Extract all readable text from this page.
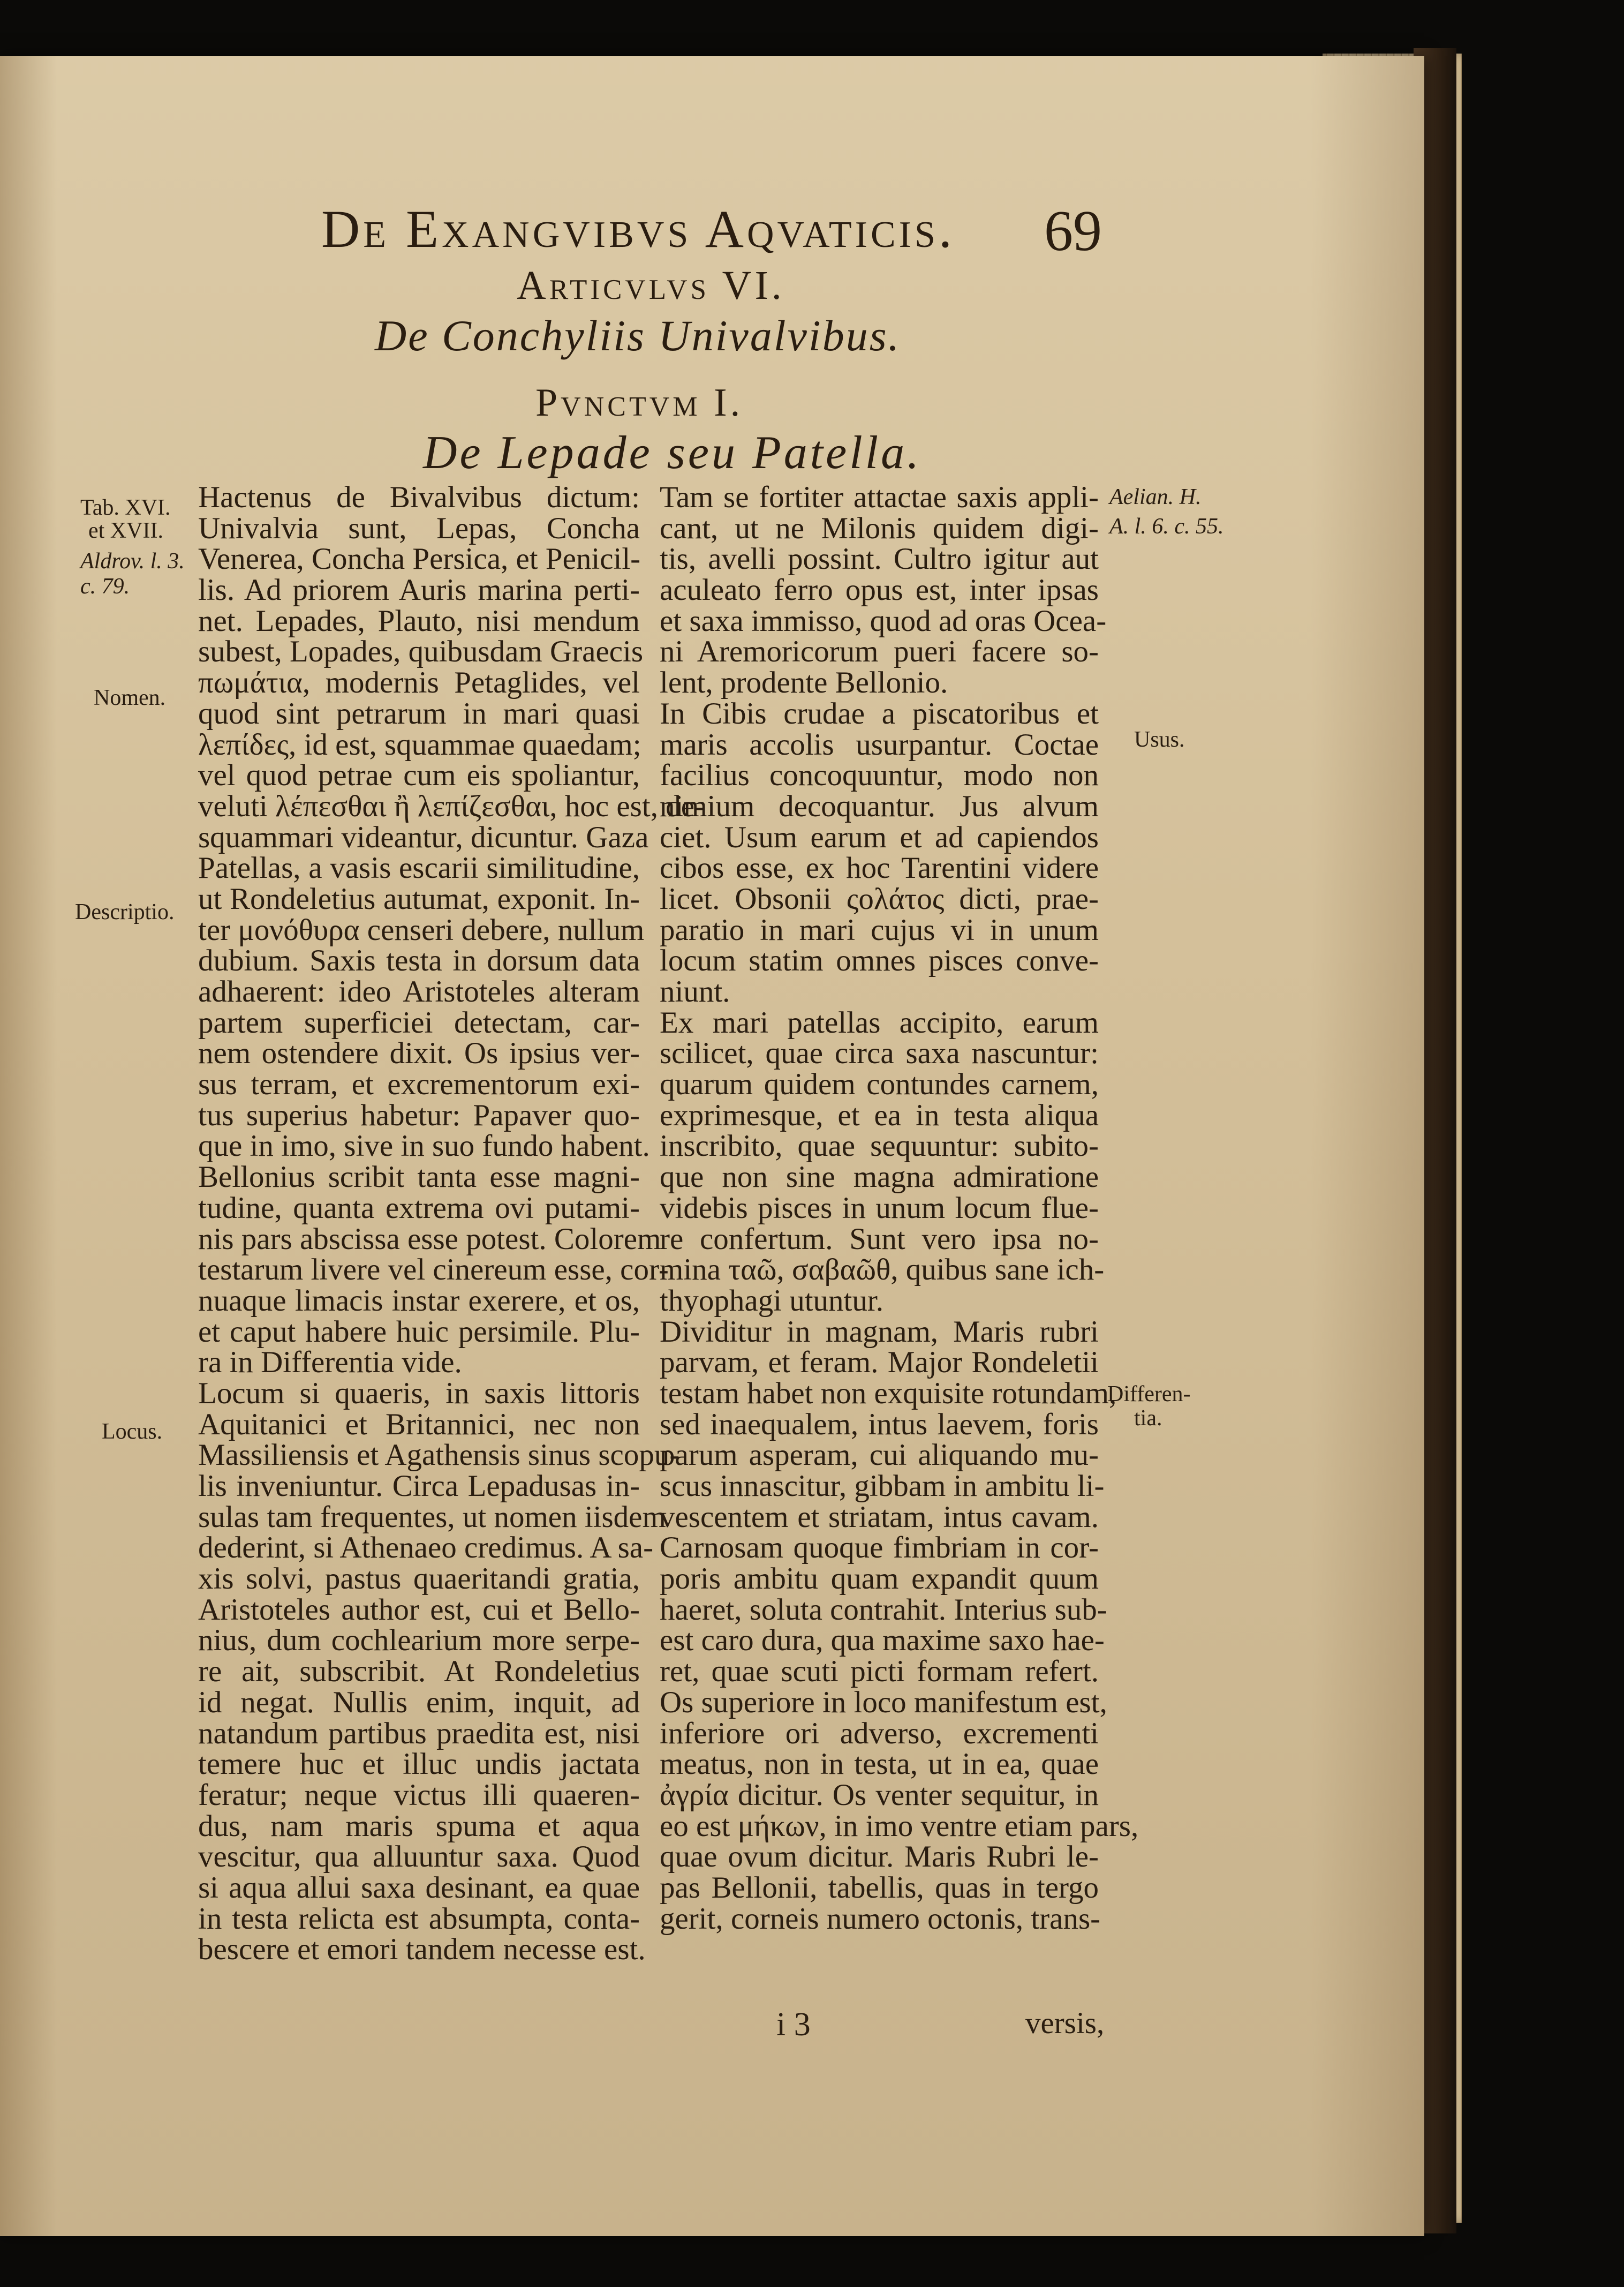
De Exangvibvs Aqvaticis. 69
Articvlvs VI.
De Conchyliis Univalvibus.
Pvnctvm I.
De Lepade seu Patella.
Tab. XVI.
et XVII.
Aldrov. l. 3.
c. 79.
Nomen.
Descriptio.
Locus.
Aelian. H.
A. l. 6. c. 55.
Usus.
Differen-
tia.
Hactenus de Bivalvibus dictum:
Univalvia sunt, Lepas, Concha
Venerea, Concha Persica, et Penicil-
lis. Ad priorem Auris marina perti-
net. Lepades, Plauto, nisi mendum
subest, Lopades, quibusdam Graecis
πωμάτια, modernis Petaglides, vel
quod sint petrarum in mari quasi
λεπίδες, id est, squammae quaedam;
vel quod petrae cum eis spoliantur,
veluti λέπεσθαι ἢ λεπίζεσθαι, hoc est, de-
squammari videantur, dicuntur. Gaza
Patellas, a vasis escarii similitudine,
ut Rondeletius autumat, exponit. In-
ter μονόθυρα censeri debere, nullum
dubium. Saxis testa in dorsum data
adhaerent: ideo Aristoteles alteram
partem superficiei detectam, car-
nem ostendere dixit. Os ipsius ver-
sus terram, et excrementorum exi-
tus superius habetur: Papaver quo-
que in imo, sive in suo fundo habent.
Bellonius scribit tanta esse magni-
tudine, quanta extrema ovi putami-
nis pars abscissa esse potest. Colorem
testarum livere vel cinereum esse, cor-
nuaque limacis instar exerere, et os,
et caput habere huic persimile. Plu-
ra in Differentia vide.
Locum si quaeris, in saxis littoris
Aquitanici et Britannici, nec non
Massiliensis et Agathensis sinus scopu-
lis inveniuntur. Circa Lepadusas in-
sulas tam frequentes, ut nomen iisdem
dederint, si Athenaeo credimus. A sa-
xis solvi, pastus quaeritandi gratia,
Aristoteles author est, cui et Bello-
nius, dum cochlearium more serpe-
re ait, subscribit. At Rondeletius
id negat. Nullis enim, inquit, ad
natandum partibus praedita est, nisi
temere huc et illuc undis jactata
feratur; neque victus illi quaeren-
dus, nam maris spuma et aqua
vescitur, qua alluuntur saxa. Quod
si aqua allui saxa desinant, ea quae
in testa relicta est absumpta, conta-
bescere et emori tandem necesse est.
Tam se fortiter attactae saxis appli-
cant, ut ne Milonis quidem digi-
tis, avelli possint. Cultro igitur aut
aculeato ferro opus est, inter ipsas
et saxa immisso, quod ad oras Ocea-
ni Aremoricorum pueri facere so-
lent, prodente Bellonio.
In Cibis crudae a piscatoribus et
maris accolis usurpantur. Coctae
facilius concoquuntur, modo non
nimium decoquantur. Jus alvum
ciet. Usum earum et ad capiendos
cibos esse, ex hoc Tarentini videre
licet. Obsonii ςολάτος dicti, prae-
paratio in mari cujus vi in unum
locum statim omnes pisces conve-
niunt.
Ex mari patellas accipito, earum
scilicet, quae circa saxa nascuntur:
quarum quidem contundes carnem,
exprimesque, et ea in testa aliqua
inscribito, quae sequuntur: subito-
que non sine magna admiratione
videbis pisces in unum locum flue-
re confertum. Sunt vero ipsa no-
mina ταῶ, σαβαῶθ, quibus sane ich-
thyophagi utuntur.
Dividitur in magnam, Maris rubri
parvam, et feram. Major Rondeletii
testam habet non exquisite rotundam,
sed inaequalem, intus laevem, foris
parum asperam, cui aliquando mu-
scus innascitur, gibbam in ambitu li-
vescentem et striatam, intus cavam.
Carnosam quoque fimbriam in cor-
poris ambitu quam expandit quum
haeret, soluta contrahit. Interius sub-
est caro dura, qua maxime saxo hae-
ret, quae scuti picti formam refert.
Os superiore in loco manifestum est,
inferiore ori adverso, excrementi
meatus, non in testa, ut in ea, quae
ἀγρία dicitur. Os venter sequitur, in
eo est μήκων, in imo ventre etiam pars,
quae ovum dicitur. Maris Rubri le-
pas Bellonii, tabellis, quas in tergo
gerit, corneis numero octonis, trans-
i 3	versis,
